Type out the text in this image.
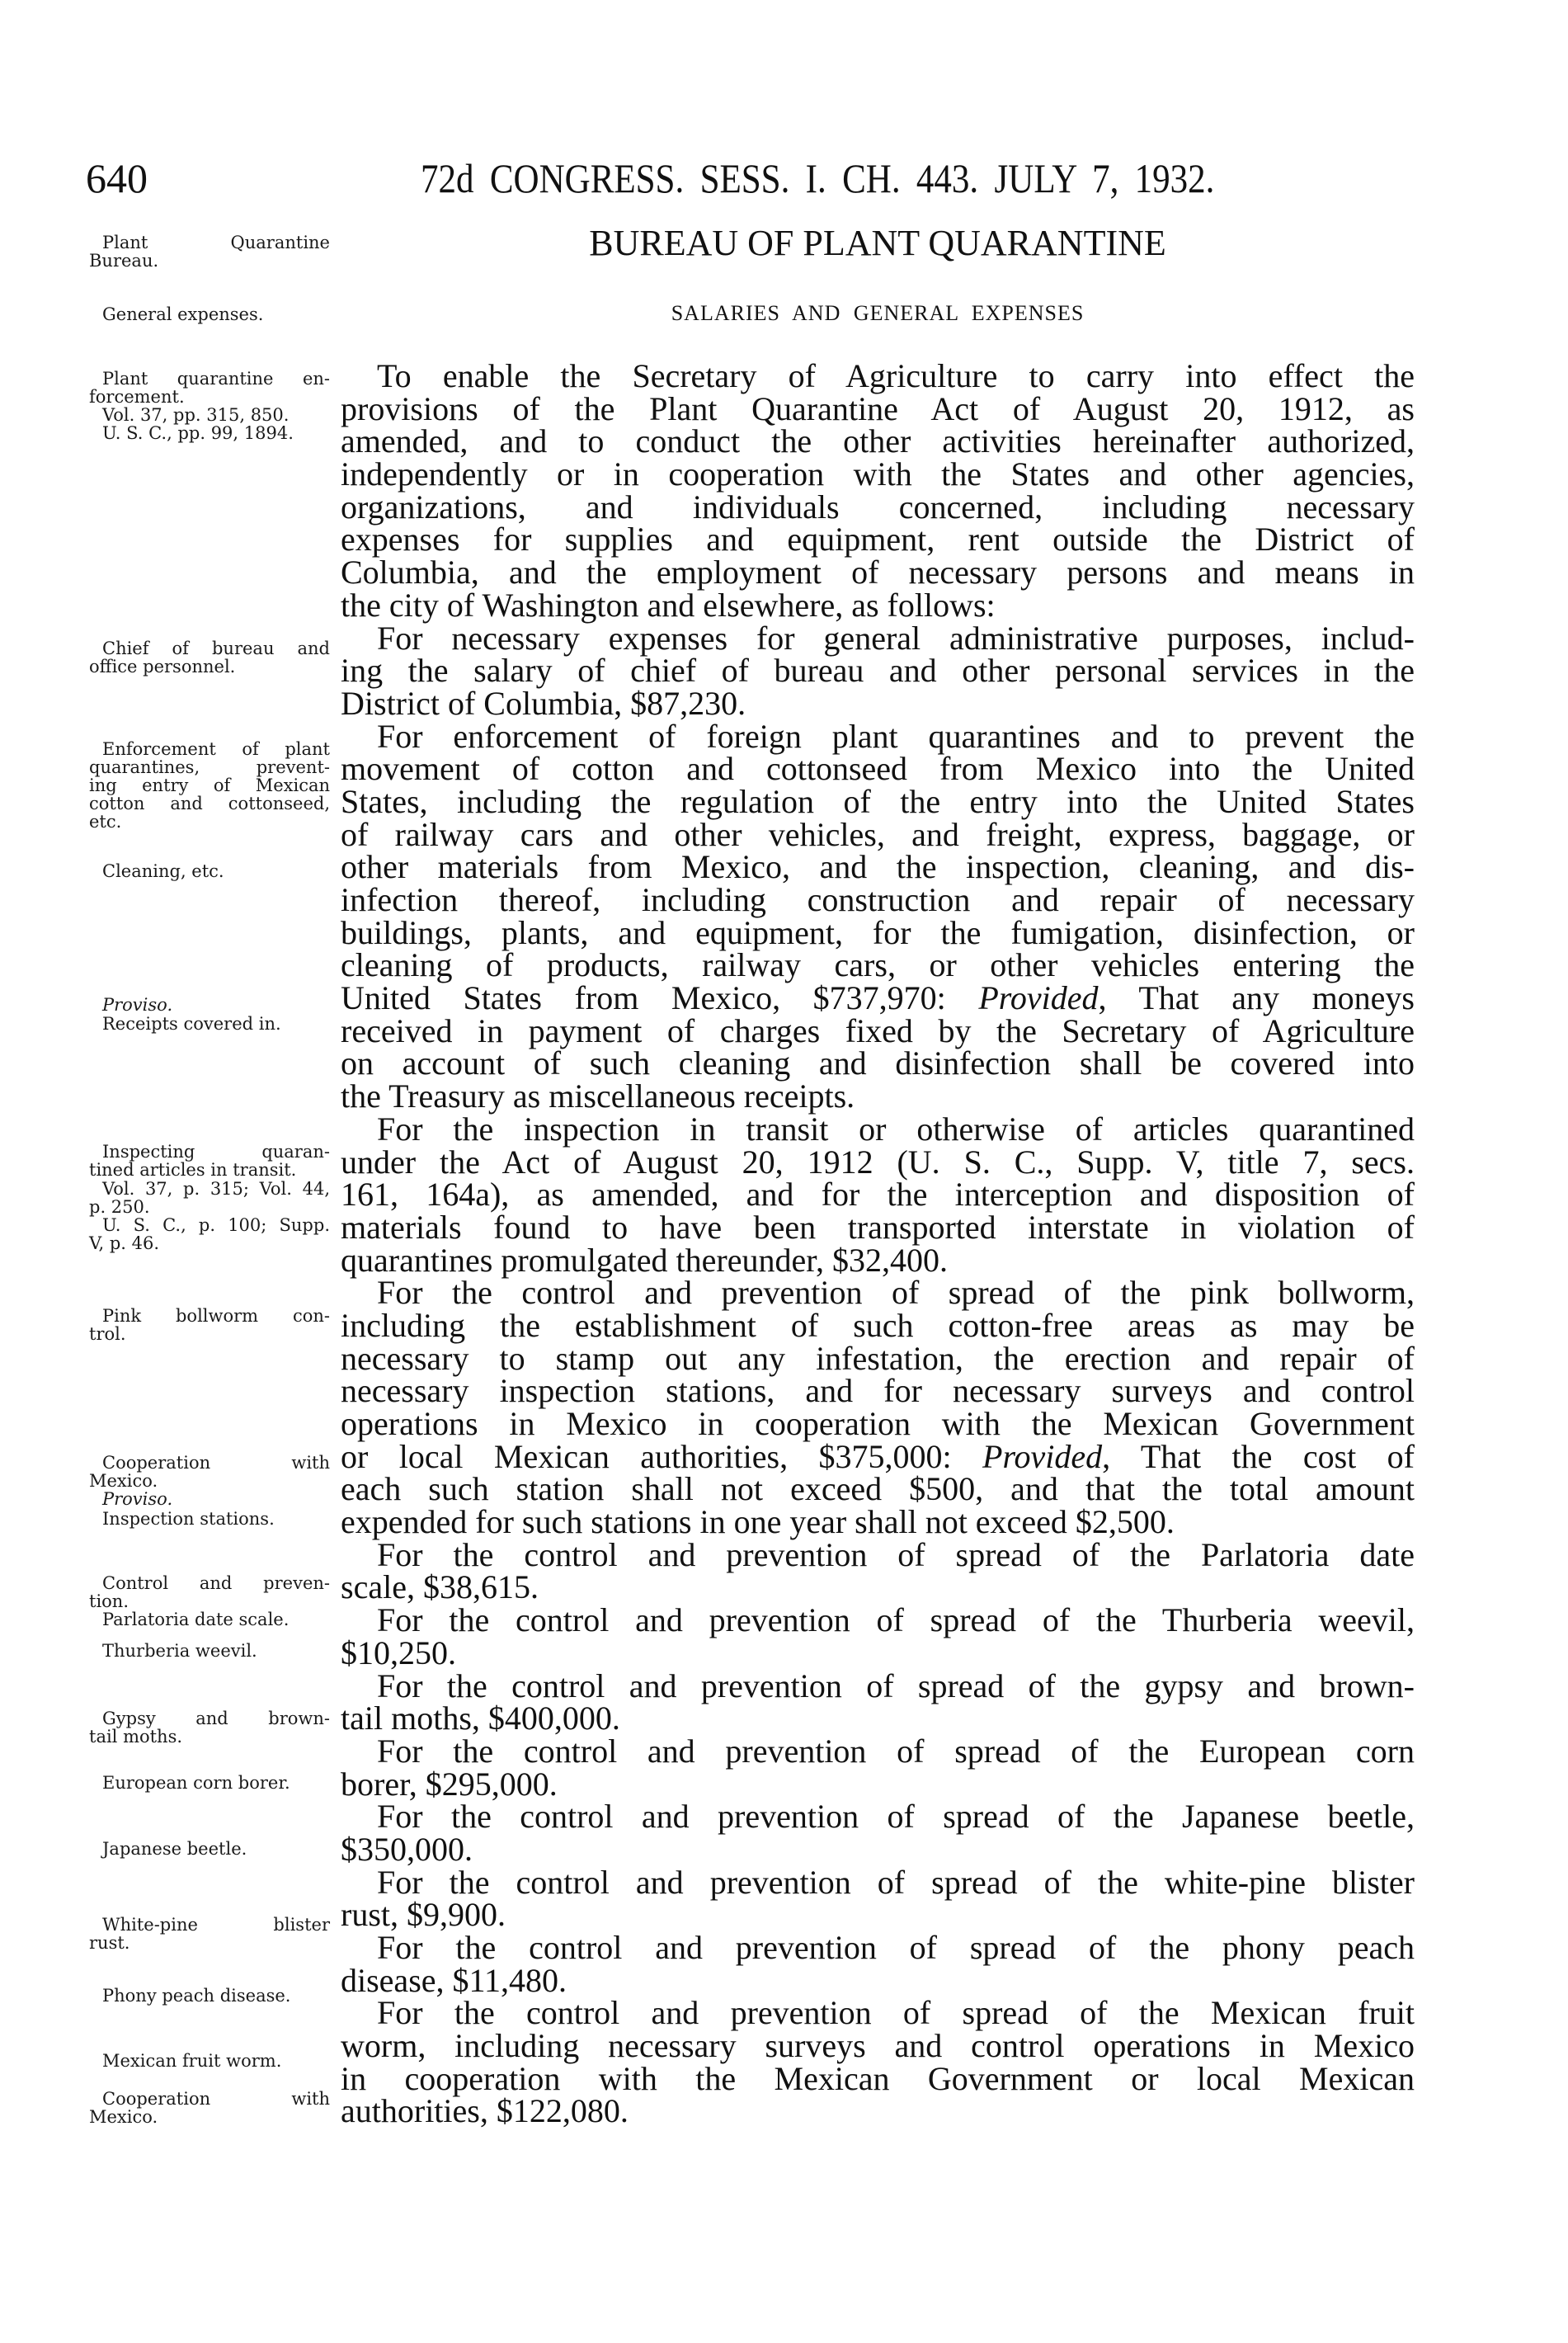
640	72d CONGRESS. SESS. I. CH. 443. JULY 7, 1932.
BUREAU OF PLANT QUARANTINE
SALARIES AND GENERAL EXPENSES
Plant Quarantine
Bureau.
General expenses.
Plant quarantine en-
forcement.
Vol. 37, pp. 315, 850.
U. S. C., pp. 99, 1894.
Chief of bureau and
office personnel.
Enforcement of plant
quarantines, prevent-
ing entry of Mexican
cotton and cottonseed,
etc.
Cleaning, etc.
Proviso.
Receipts covered in.
Inspecting quaran-
tined articles in transit.
Vol. 37, p. 315; Vol. 44,
p. 250.
U. S. C., p. 100; Supp.
V, p. 46.
Pink bollworm con-
trol.
Cooperation with
Mexico.
Proviso.
Inspection stations.
Control and preven-
tion.
Parlatoria date scale.
Thurberia weevil.
Gypsy and brown-
tail moths.
European corn borer.
Japanese beetle.
White-pine blister
rust.
Phony peach disease.
Mexican fruit worm.
Cooperation with
Mexico.
To enable the Secretary of Agriculture to carry into effect the
provisions of the Plant Quarantine Act of August 20, 1912, as
amended, and to conduct the other activities hereinafter authorized,
independently or in cooperation with the States and other agencies,
organizations, and individuals concerned, including necessary
expenses for supplies and equipment, rent outside the District of
Columbia, and the employment of necessary persons and means in
the city of Washington and elsewhere, as follows:
For necessary expenses for general administrative purposes, includ-
ing the salary of chief of bureau and other personal services in the
District of Columbia, $87,230.
For enforcement of foreign plant quarantines and to prevent the
movement of cotton and cottonseed from Mexico into the United
States, including the regulation of the entry into the United States
of railway cars and other vehicles, and freight, express, baggage, or
other materials from Mexico, and the inspection, cleaning, and dis-
infection thereof, including construction and repair of necessary
buildings, plants, and equipment, for the fumigation, disinfection, or
cleaning of products, railway cars, or other vehicles entering the
United States from Mexico, $737,970: Provided, That any moneys
received in payment of charges fixed by the Secretary of Agriculture
on account of such cleaning and disinfection shall be covered into
the Treasury as miscellaneous receipts.
For the inspection in transit or otherwise of articles quarantined
under the Act of August 20, 1912 (U. S. C., Supp. V, title 7, secs.
161, 164a), as amended, and for the interception and disposition of
materials found to have been transported interstate in violation of
quarantines promulgated thereunder, $32,400.
For the control and prevention of spread of the pink bollworm,
including the establishment of such cotton-free areas as may be
necessary to stamp out any infestation, the erection and repair of
necessary inspection stations, and for necessary surveys and control
operations in Mexico in cooperation with the Mexican Government
or local Mexican authorities, $375,000: Provided, That the cost of
each such station shall not exceed $500, and that the total amount
expended for such stations in one year shall not exceed $2,500.
For the control and prevention of spread of the Parlatoria date
scale, $38,615.
For the control and prevention of spread of the Thurberia weevil,
$10,250.
For the control and prevention of spread of the gypsy and brown-
tail moths, $400,000.
For the control and prevention of spread of the European corn
borer, $295,000.
For the control and prevention of spread of the Japanese beetle,
$350,000.
For the control and prevention of spread of the white-pine blister
rust, $9,900.
For the control and prevention of spread of the phony peach
disease, $11,480.
For the control and prevention of spread of the Mexican fruit
worm, including necessary surveys and control operations in Mexico
in cooperation with the Mexican Government or local Mexican
authorities, $122,080.
